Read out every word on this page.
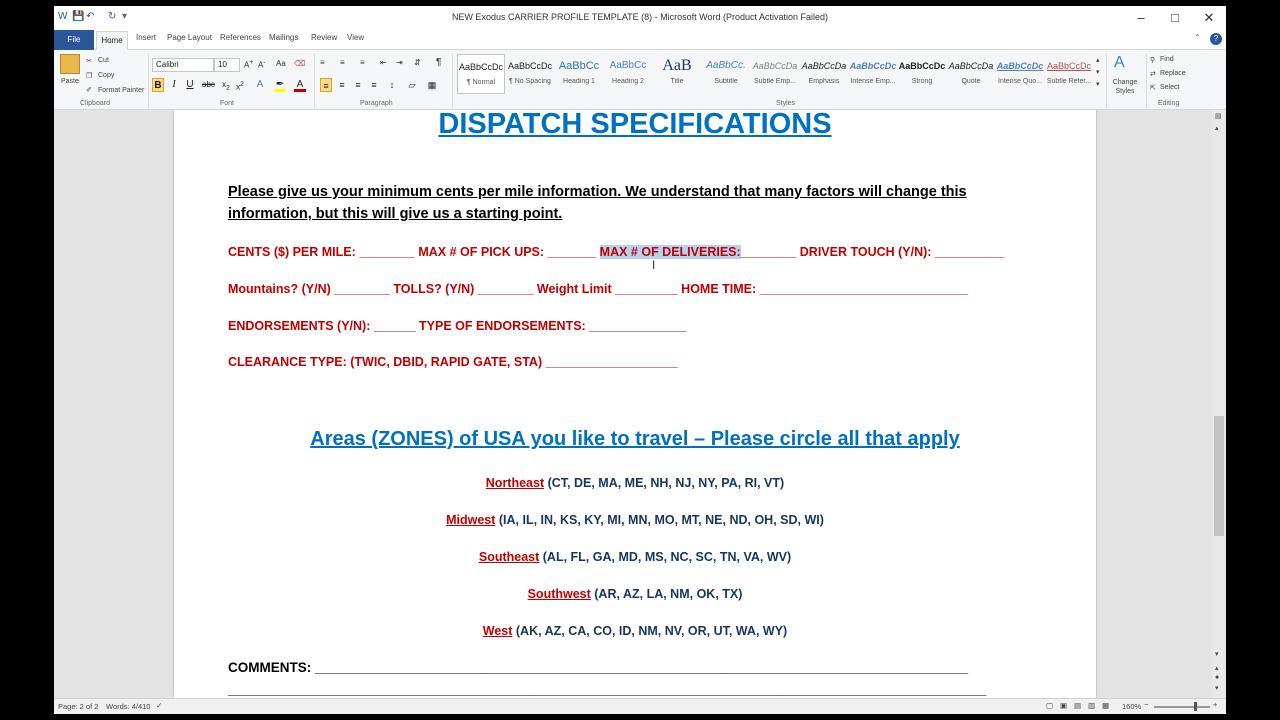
W 💾 ↶ ↻ ▾	NEW Exodus CARRIER PROFILE TEMPLATE (8) - Microsoft Word (Product Activation Failed)	–	□	✕
File	Home	Insert Page Layout References Mailings Review View	⌃	?
Paste
✂ Cut
❐ Copy
✐ Format Painter
Clipboard
Calibri	10	A+ A- Aa ⌫
B	I	U abc $x_2$ $x^2$ A ✒ A
Font
≡ ≡ ≡ ⇤ ⇥ ⇵ ¶
≡	≡	≡	≡	↕	▱ ▦
Paragraph
AaBbCcDc
¶ Normal
AaBbCcDc
¶ No Spacing
AaBbCc
Heading 1
AaBbCc
Heading 2
AaB
Title
AaBbCc.
Subtitle
AaBbCcDa
Subtle Emp...
AaBbCcDa
Emphasis
AaBbCcDc
Intense Emp...
AaBbCcDc
Strong
AaBbCcDa
Quote
AaBbCcDc
Intense Quo...
AaBbCcDc
Subtle Refer...
▴
▾
▾
Styles
A
Change Styles
⚲ Find
⇄ Replace
⇱ Select
Editing
DISPATCH SPECIFICATIONS
Please give us your minimum cents per mile information. We understand that many factors will change this
information, but this will give us a starting point.
CENTS ($) PER MILE: ________ MAX # OF PICK UPS: _______ MAX # OF DELIVERIES:________ DRIVER TOUCH (Y/N): __________
I
Mountains? (Y/N) ________ TOLLS? (Y/N) ________ Weight Limit _________ HOME TIME: ______________________________
ENDORSEMENTS (Y/N): ______ TYPE OF ENDORSEMENTS: ______________
CLEARANCE TYPE: (TWIC, DBID, RAPID GATE, STA) ___________________
Areas (ZONES) of USA you like to travel – Please circle all that apply
Northeast (CT, DE, MA, ME, NH, NJ, NY, PA, RI, VT)
Midwest (IA, IL, IN, KS, KY, MI, MN, MO, MT, NE, ND, OH, SD, WI)
Southeast (AL, FL, GA, MD, MS, NC, SC, TN, VA, WV)
Southwest (AR, AZ, LA, NM, OK, TX)
West (AK, AZ, CA, CO, ID, NM, NV, OR, UT, WA, WY)
COMMENTS: _______________________________________________________________________________________
_____________________________________________________________________________________________________
▤
▴
▾
▴
●
▾
Page: 2 of 2 Words: 4/410 ✓	▢ ▣ ▤ ▥ ▦ 160% −	+
